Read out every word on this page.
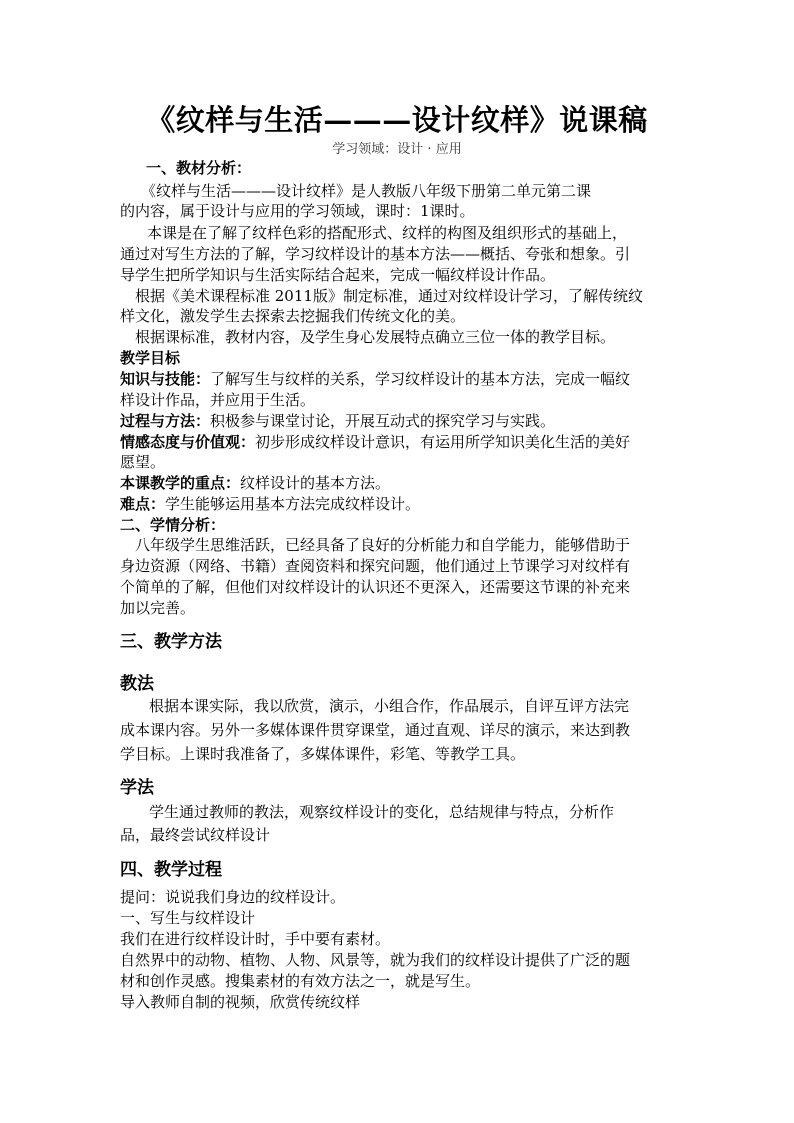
《纹样与生活———设计纹样》说课稿
学习领域：设计 · 应用
一、教材分析：
《纹样与生活———设计纹样》是人教版八年级下册第二单元第二课
的内容，属于设计与应用的学习领域，课时：1课时。
本课是在了解了纹样色彩的搭配形式、纹样的构图及组织形式的基础上，
通过对写生方法的了解，学习纹样设计的基本方法——概括、夸张和想象。引
导学生把所学知识与生活实际结合起来，完成一幅纹样设计作品。
根据《美术课程标准 2011版》制定标准，通过对纹样设计学习，了解传统纹
样文化，激发学生去探索去挖掘我们传统文化的美。
根据课标准，教材内容，及学生身心发展特点确立三位一体的教学目标。
教学目标
知识与技能：了解写生与纹样的关系，学习纹样设计的基本方法，完成一幅纹
样设计作品，并应用于生活。
过程与方法：积极参与课堂讨论，开展互动式的探究学习与实践。
情感态度与价值观：初步形成纹样设计意识，有运用所学知识美化生活的美好
愿望。
本课教学的重点：纹样设计的基本方法。
难点：学生能够运用基本方法完成纹样设计。
二、学情分析：
八年级学生思维活跃，已经具备了良好的分析能力和自学能力，能够借助于
身边资源（网络、书籍）查阅资料和探究问题，他们通过上节课学习对纹样有
个简单的了解，但他们对纹样设计的认识还不更深入，还需要这节课的补充来
加以完善。
三、教学方法
教法
根据本课实际，我以欣赏，演示，小组合作，作品展示，自评互评方法完
成本课内容。另外一多媒体课件贯穿课堂，通过直观、详尽的演示，来达到教
学目标。上课时我准备了，多媒体课件，彩笔、等教学工具。
学法
学生通过教师的教法，观察纹样设计的变化，总结规律与特点，分析作
品，最终尝试纹样设计
四、教学过程
提问：说说我们身边的纹样设计。
一、写生与纹样设计
我们在进行纹样设计时，手中要有素材。
自然界中的动物、植物、人物、风景等，就为我们的纹样设计提供了广泛的题
材和创作灵感。搜集素材的有效方法之一，就是写生。
导入教师自制的视频，欣赏传统纹样
